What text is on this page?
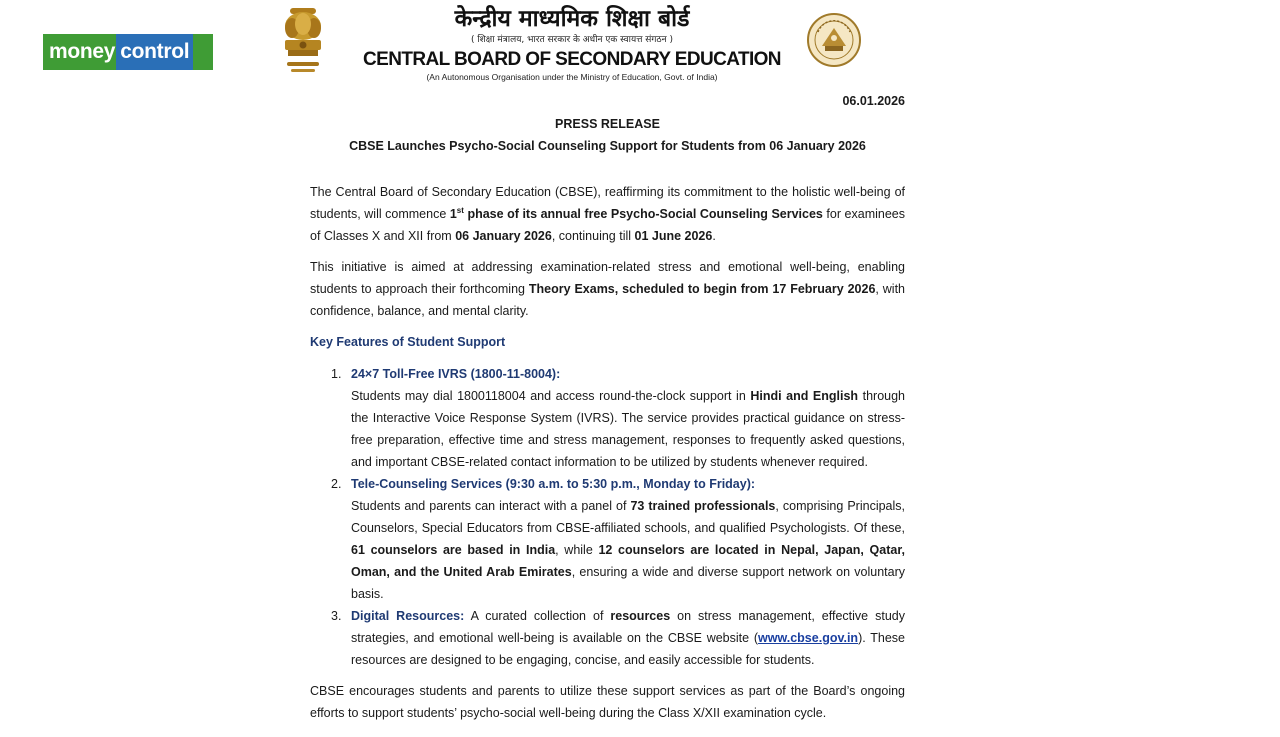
money control
केन्द्रीय माध्यमिक शिक्षा बोर्ड
( शिक्षा मंत्रालय, भारत सरकार के अधीन एक स्वायत्त संगठन )
CENTRAL BOARD OF SECONDARY EDUCATION
(An Autonomous Organisation under the Ministry of Education, Govt. of India)
06.01.2026
PRESS RELEASE
CBSE Launches Psycho-Social Counseling Support for Students from 06 January 2026

The Central Board of Secondary Education (CBSE), reaffirming its commitment to the holistic well-being of students, will commence 1st phase of its annual free Psycho-Social Counseling Services for examinees of Classes X and XII from 06 January 2026, continuing till 01 June 2026.

This initiative is aimed at addressing examination-related stress and emotional well-being, enabling students to approach their forthcoming Theory Exams, scheduled to begin from 17 February 2026, with confidence, balance, and mental clarity.

Key Features of Student Support
1. 24×7 Toll-Free IVRS (1800-11-8004):
Students may dial 1800118004 and access round-the-clock support in Hindi and English through the Interactive Voice Response System (IVRS). The service provides practical guidance on stress-free preparation, effective time and stress management, responses to frequently asked questions, and important CBSE-related contact information to be utilized by students whenever required.
2. Tele-Counseling Services (9:30 a.m. to 5:30 p.m., Monday to Friday):
Students and parents can interact with a panel of 73 trained professionals, comprising Principals, Counselors, Special Educators from CBSE-affiliated schools, and qualified Psychologists. Of these, 61 counselors are based in India, while 12 counselors are located in Nepal, Japan, Qatar, Oman, and the United Arab Emirates, ensuring a wide and diverse support network on voluntary basis.
3. Digital Resources: A curated collection of resources on stress management, effective study strategies, and emotional well-being is available on the CBSE website (www.cbse.gov.in). These resources are designed to be engaging, concise, and easily accessible for students.

CBSE encourages students and parents to utilize these support services as part of the Board’s ongoing efforts to support students’ psycho-social well-being during the Class X/XII examination cycle.
